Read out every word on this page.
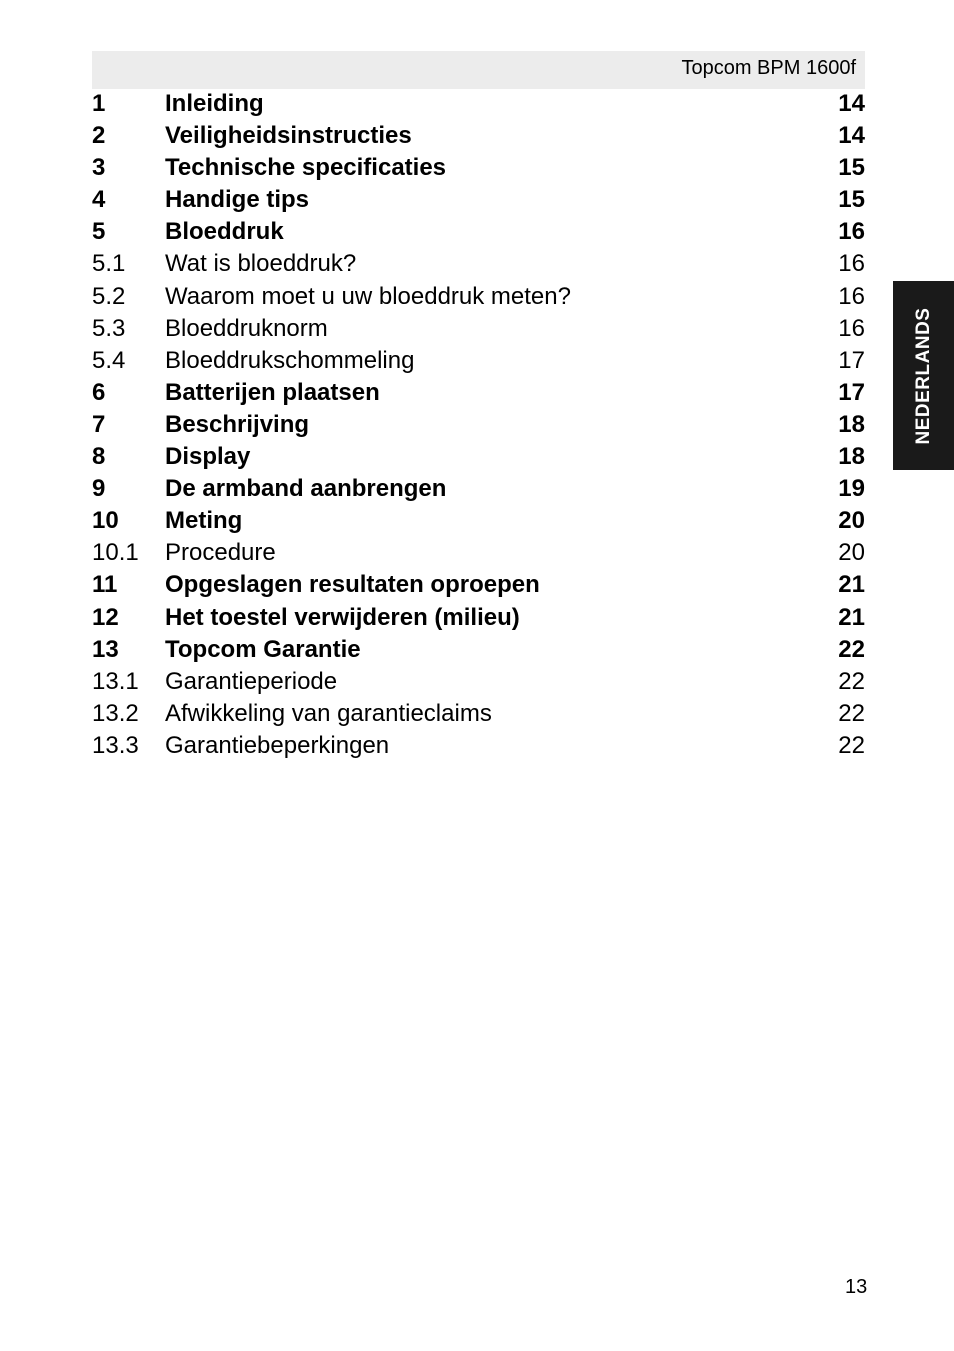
Topcom BPM 1600f
1 Inleiding	14
2 Veiligheidsinstructies	14
3 Technische specificaties	15
4 Handige tips	15
5 Bloeddruk	16
5.1 Wat is bloeddruk?	16
5.2 Waarom moet u uw bloeddruk meten?	16
5.3 Bloeddruknorm	16
5.4 Bloeddrukschommeling	17
6 Batterijen plaatsen	17
7 Beschrijving	18
8 Display	18
9 De armband aanbrengen	19
10 Meting	20
10.1 Procedure	20
11 Opgeslagen resultaten oproepen	21
12 Het toestel verwijderen (milieu)	21
13 Topcom Garantie	22
13.1 Garantieperiode	22
13.2 Afwikkeling van garantieclaims	22
13.3 Garantiebeperkingen	22
NEDERLANDS
13
